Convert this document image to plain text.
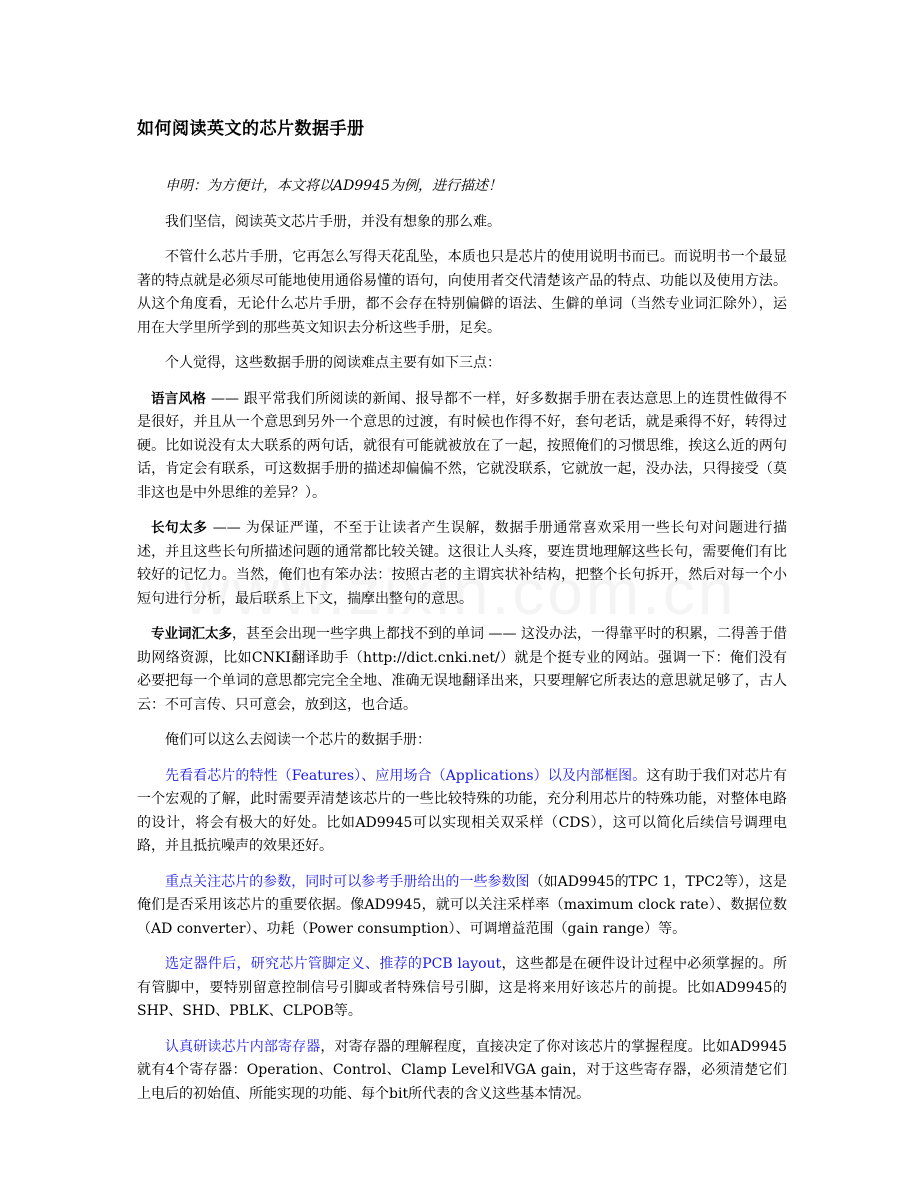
如何阅读英文的芯片数据手册

申明：为方便计，本文将以AD9945为例，进行描述！

我们坚信，阅读英文芯片手册，并没有想象的那么难。

不管什么芯片手册，它再怎么写得天花乱坠，本质也只是芯片的使用说明书而已。而说明书一个最显著的特点就是必须尽可能地使用通俗易懂的语句，向使用者交代清楚该产品的特点、功能以及使用方法。从这个角度看，无论什么芯片手册，都不会存在特别偏僻的语法、生僻的单词（当然专业词汇除外），运用在大学里所学到的那些英文知识去分析这些手册，足矣。

个人觉得，这些数据手册的阅读难点主要有如下三点：

语言风格 —— 跟平常我们所阅读的新闻、报导都不一样，好多数据手册在表达意思上的连贯性做得不是很好，并且从一个意思到另外一个意思的过渡，有时候也作得不好，套句老话，就是乘得不好，转得过硬。比如说没有太大联系的两句话，就很有可能就被放在了一起，按照俺们的习惯思维，挨这么近的两句话，肯定会有联系，可这数据手册的描述却偏偏不然，它就没联系，它就放一起，没办法，只得接受（莫非这也是中外思维的差异？）。

长句太多 —— 为保证严谨，不至于让读者产生误解，数据手册通常喜欢采用一些长句对问题进行描述，并且这些长句所描述问题的通常都比较关键。这很让人头疼，要连贯地理解这些长句，需要俺们有比较好的记忆力。当然，俺们也有笨办法：按照古老的主谓宾状补结构，把整个长句拆开，然后对每一个小短句进行分析，最后联系上下文，揣摩出整句的意思。

专业词汇太多，甚至会出现一些字典上都找不到的单词 —— 这没办法，一得靠平时的积累，二得善于借助网络资源，比如CNKI翻译助手（http://dict.cnki.net/）就是个挺专业的网站。强调一下：俺们没有必要把每一个单词的意思都完完全全地、准确无误地翻译出来，只要理解它所表达的意思就足够了，古人云：不可言传、只可意会，放到这，也合适。

俺们可以这么去阅读一个芯片的数据手册：

先看看芯片的特性（Features）、应用场合（Applications）以及内部框图。这有助于我们对芯片有一个宏观的了解，此时需要弄清楚该芯片的一些比较特殊的功能，充分利用芯片的特殊功能，对整体电路的设计，将会有极大的好处。比如AD9945可以实现相关双采样（CDS），这可以简化后续信号调理电路，并且抵抗噪声的效果还好。

重点关注芯片的参数，同时可以参考手册给出的一些参数图（如AD9945的TPC 1，TPC2等），这是俺们是否采用该芯片的重要依据。像AD9945，就可以关注采样率（maximum clock rate）、数据位数（AD converter）、功耗（Power consumption）、可调增益范围（gain range）等。

选定器件后，研究芯片管脚定义、推荐的PCB layout，这些都是在硬件设计过程中必须掌握的。所有管脚中，要特别留意控制信号引脚或者特殊信号引脚，这是将来用好该芯片的前提。比如AD9945的SHP、SHD、PBLK、CLPOB等。

认真研读芯片内部寄存器，对寄存器的理解程度，直接决定了你对该芯片的掌握程度。比如AD9945就有4个寄存器：Operation、Control、Clamp Level和VGA gain，对于这些寄存器，必须清楚它们上电后的初始值、所能实现的功能、每个bit所代表的含义这些基本情况。
